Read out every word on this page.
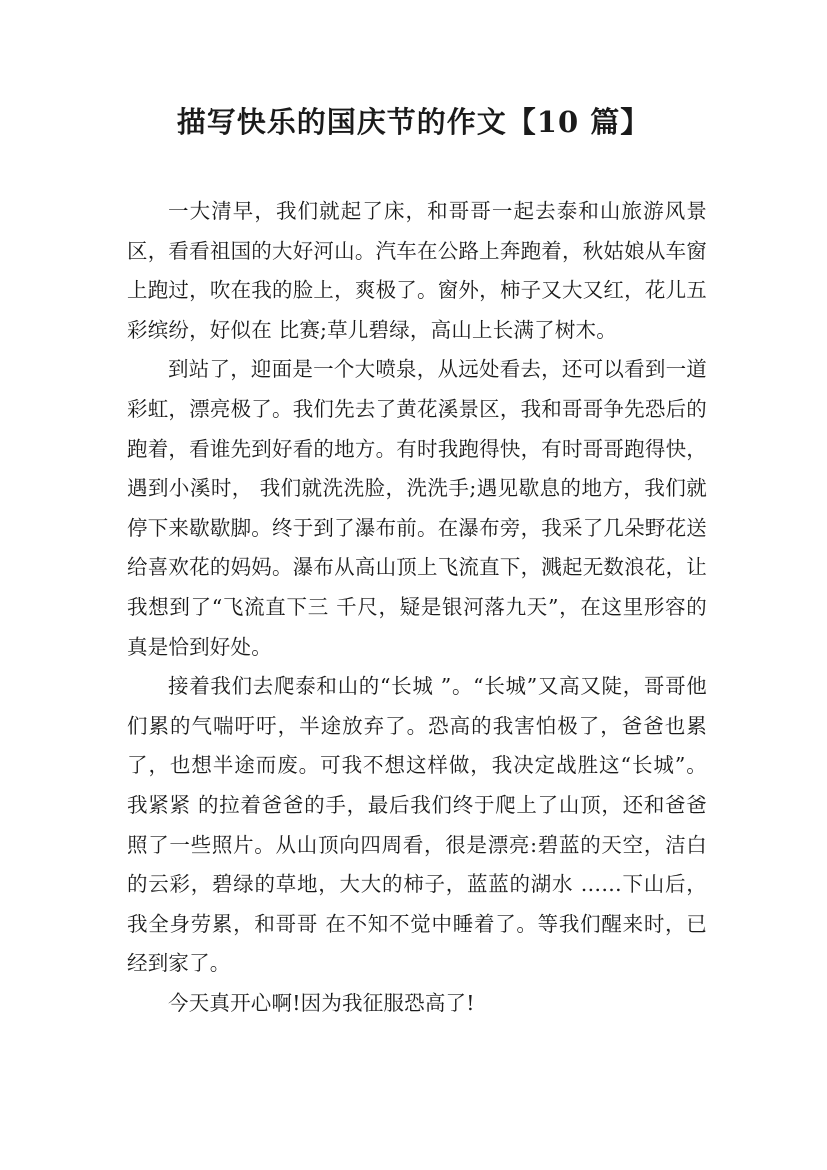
描写快乐的国庆节的作文【10 篇】

一大清早，我们就起了床，和哥哥一起去泰和山旅游风景区，看看祖国的大好河山。汽车在公路上奔跑着，秋姑娘从车窗上跑过，吹在我的脸上，爽极了。窗外，柿子又大又红，花儿五彩缤纷，好似在 比赛;草儿碧绿，高山上长满了树木。

到站了，迎面是一个大喷泉，从远处看去，还可以看到一道彩虹，漂亮极了。我们先去了黄花溪景区，我和哥哥争先恐后的跑着，看谁先到好看的地方。有时我跑得快，有时哥哥跑得快，遇到小溪时， 我们就洗洗脸，洗洗手;遇见歇息的地方，我们就停下来歇歇脚。终于到了瀑布前。在瀑布旁，我采了几朵野花送给喜欢花的妈妈。瀑布从高山顶上飞流直下，溅起无数浪花，让我想到了“飞流直下三 千尺，疑是银河落九天”，在这里形容的真是恰到好处。

接着我们去爬泰和山的“长城 ”。“长城”又高又陡，哥哥他们累的气喘吁吁，半途放弃了。恐高的我害怕极了，爸爸也累了，也想半途而废。可我不想这样做，我决定战胜这“长城”。我紧紧 的拉着爸爸的手，最后我们终于爬上了山顶，还和爸爸照了一些照片。从山顶向四周看，很是漂亮:碧蓝的天空，洁白的云彩，碧绿的草地，大大的柿子，蓝蓝的湖水 ……下山后，我全身劳累，和哥哥 在不知不觉中睡着了。等我们醒来时，已经到家了。

今天真开心啊!因为我征服恐高了!
